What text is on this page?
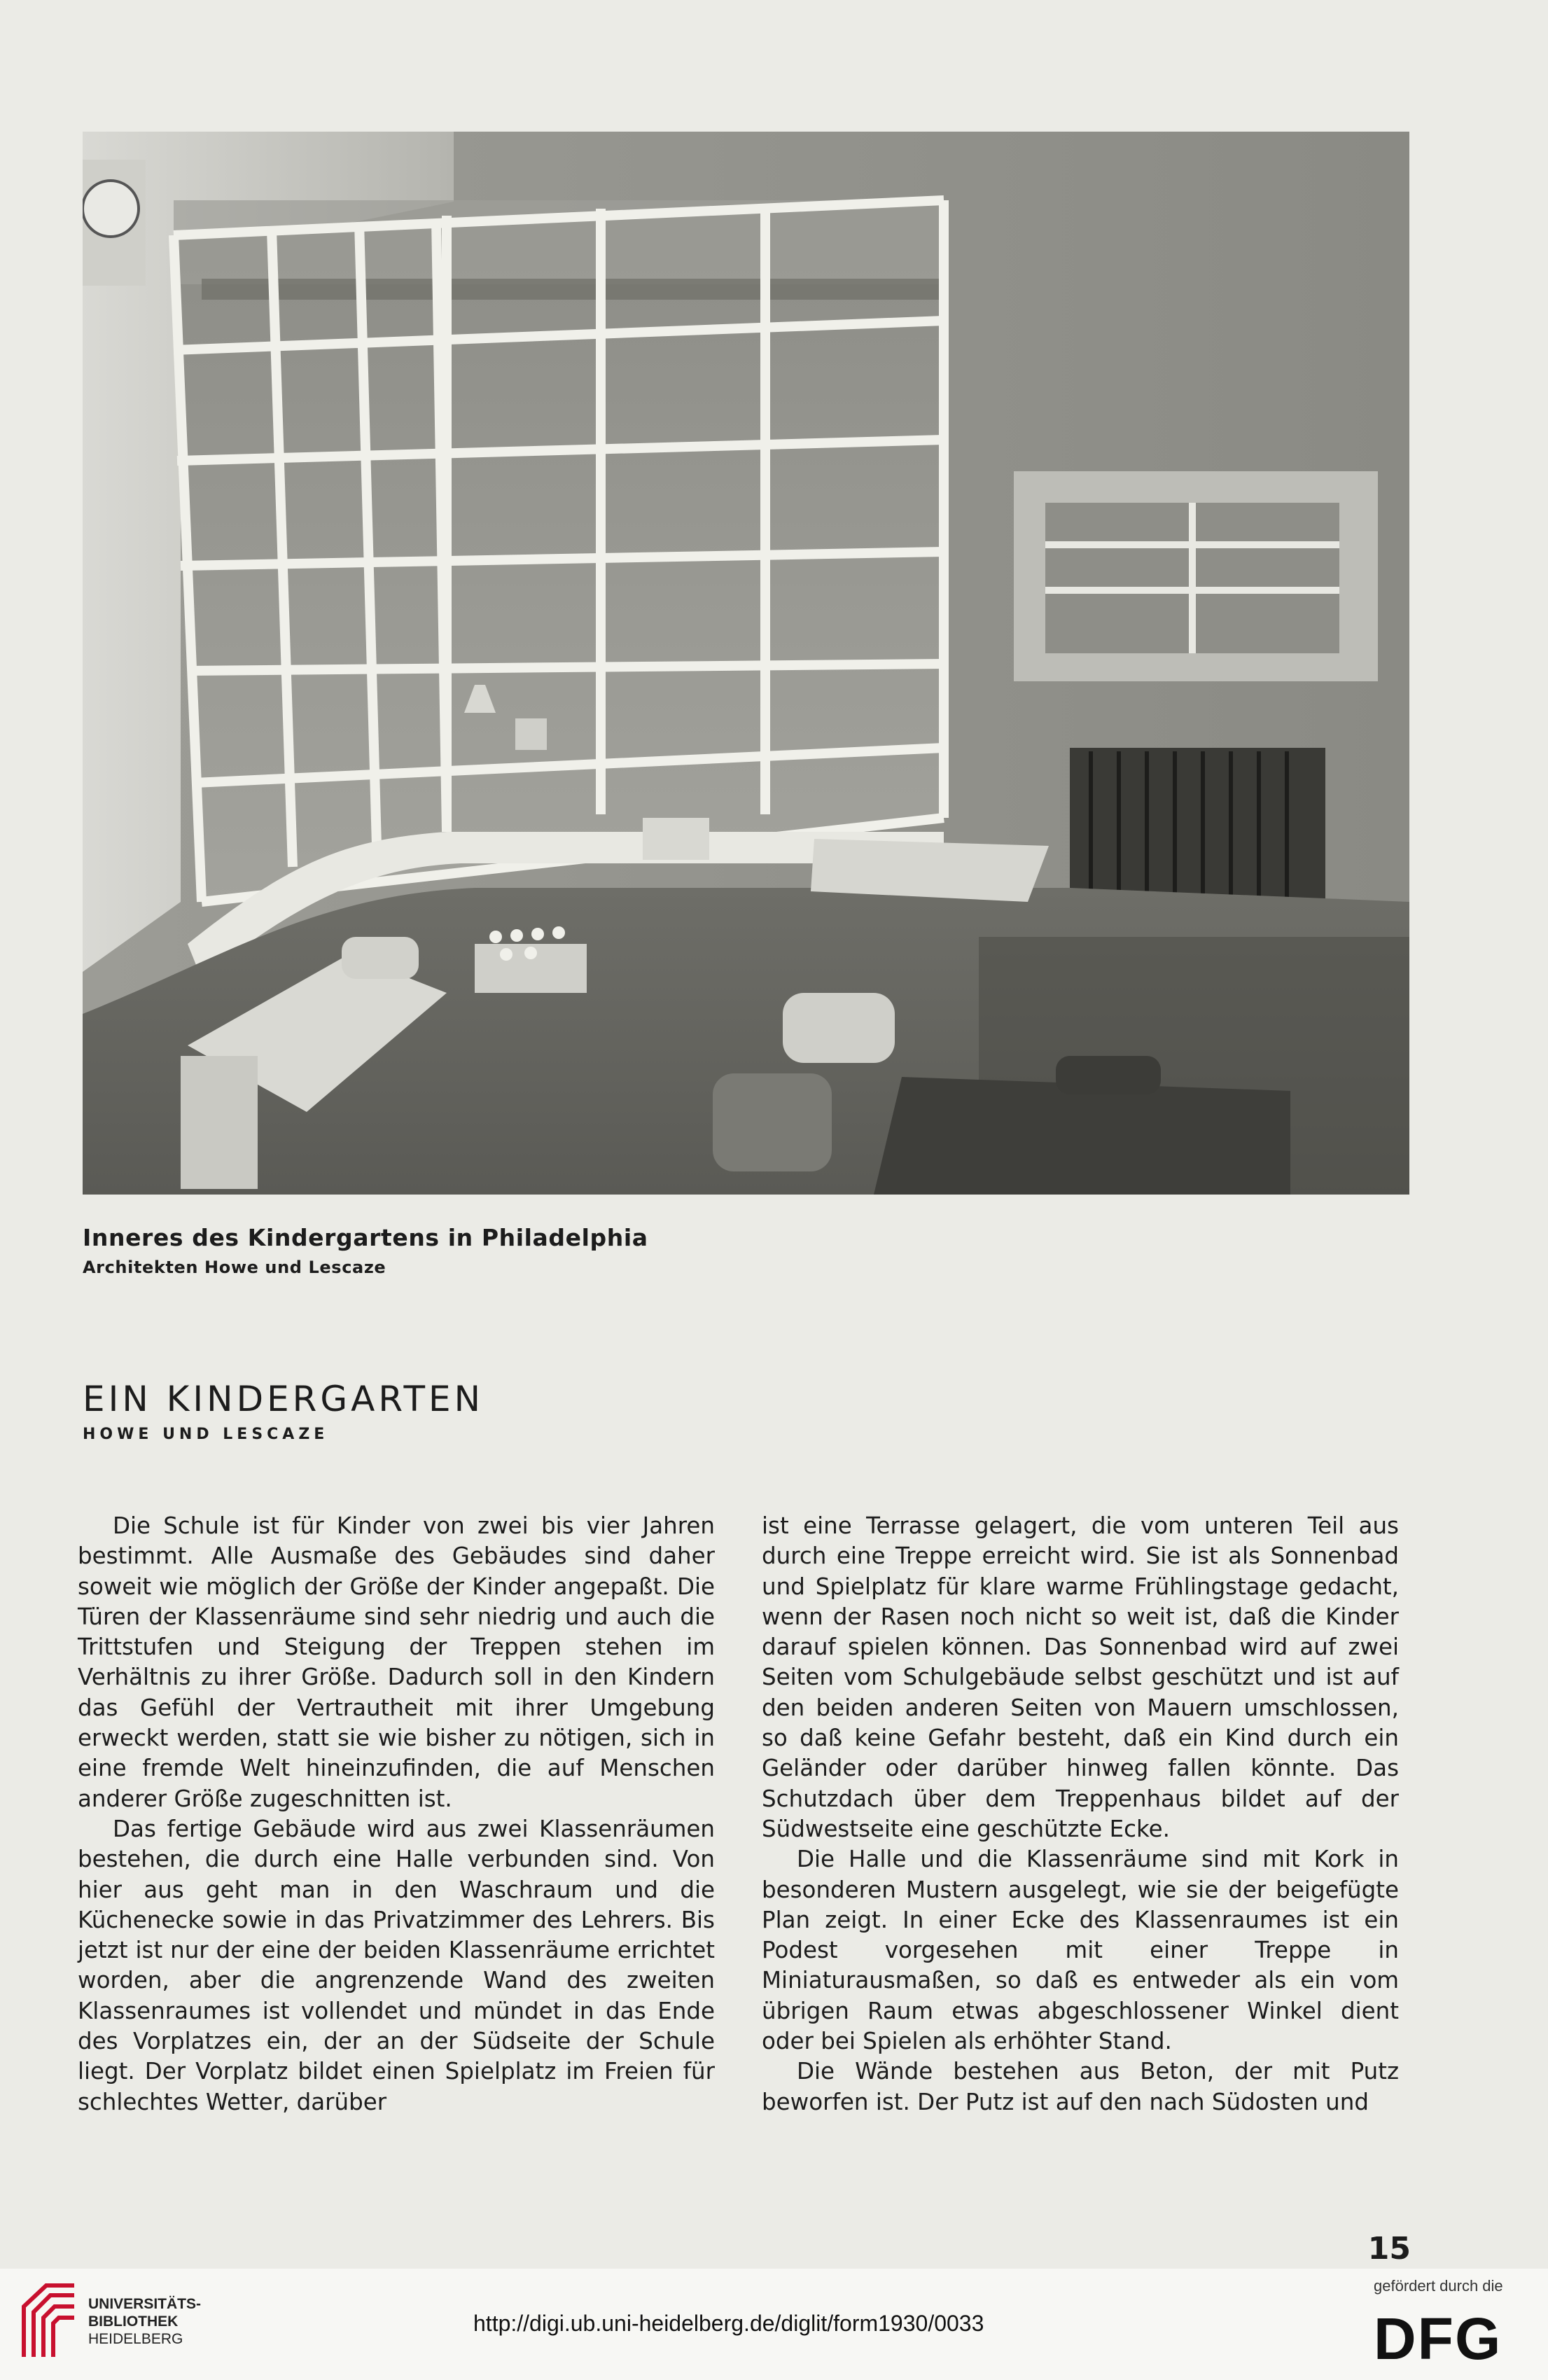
Inneres des Kindergartens in Philadelphia
Architekten Howe und Lescaze
EIN KINDERGARTEN
HOWE UND LESCAZE

Die Schule ist für Kinder von zwei bis vier Jahren bestimmt. Alle Ausmaße des Gebäudes sind daher soweit wie möglich der Größe der Kinder angepaßt. Die Türen der Klassenräume sind sehr niedrig und auch die Trittstufen und Steigung der Treppen stehen im Verhältnis zu ihrer Größe. Dadurch soll in den Kindern das Gefühl der Vertrautheit mit ihrer Umgebung erweckt werden, statt sie wie bisher zu nötigen, sich in eine fremde Welt hineinzufinden, die auf Menschen anderer Größe zugeschnitten ist.

Das fertige Gebäude wird aus zwei Klassenräumen bestehen, die durch eine Halle verbunden sind. Von hier aus geht man in den Waschraum und die Küchenecke sowie in das Privatzimmer des Lehrers. Bis jetzt ist nur der eine der beiden Klassenräume errichtet worden, aber die angrenzende Wand des zweiten Klassenraumes ist vollendet und mündet in das Ende des Vorplatzes ein, der an der Südseite der Schule liegt. Der Vorplatz bildet einen Spielplatz im Freien für schlechtes Wetter, darüber

ist eine Terrasse gelagert, die vom unteren Teil aus durch eine Treppe erreicht wird. Sie ist als Sonnenbad und Spielplatz für klare warme Frühlingstage gedacht, wenn der Rasen noch nicht so weit ist, daß die Kinder darauf spielen können. Das Sonnenbad wird auf zwei Seiten vom Schulgebäude selbst geschützt und ist auf den beiden anderen Seiten von Mauern umschlossen, so daß keine Gefahr besteht, daß ein Kind durch ein Geländer oder darüber hinweg fallen könnte. Das Schutzdach über dem Treppenhaus bildet auf der Südwestseite eine geschützte Ecke.

Die Halle und die Klassenräume sind mit Kork in besonderen Mustern ausgelegt, wie sie der beigefügte Plan zeigt. In einer Ecke des Klassenraumes ist ein Podest vorgesehen mit einer Treppe in Miniaturausmaßen, so daß es entweder als ein vom übrigen Raum etwas abgeschlossener Winkel dient oder bei Spielen als erhöhter Stand.

Die Wände bestehen aus Beton, der mit Putz beworfen ist. Der Putz ist auf den nach Südosten und

15
UNIVERSITÄTS-
BIBLIOTHEK
HEIDELBERG
http://digi.ub.uni-heidelberg.de/diglit/form1930/0033
gefördert durch die
DFG
